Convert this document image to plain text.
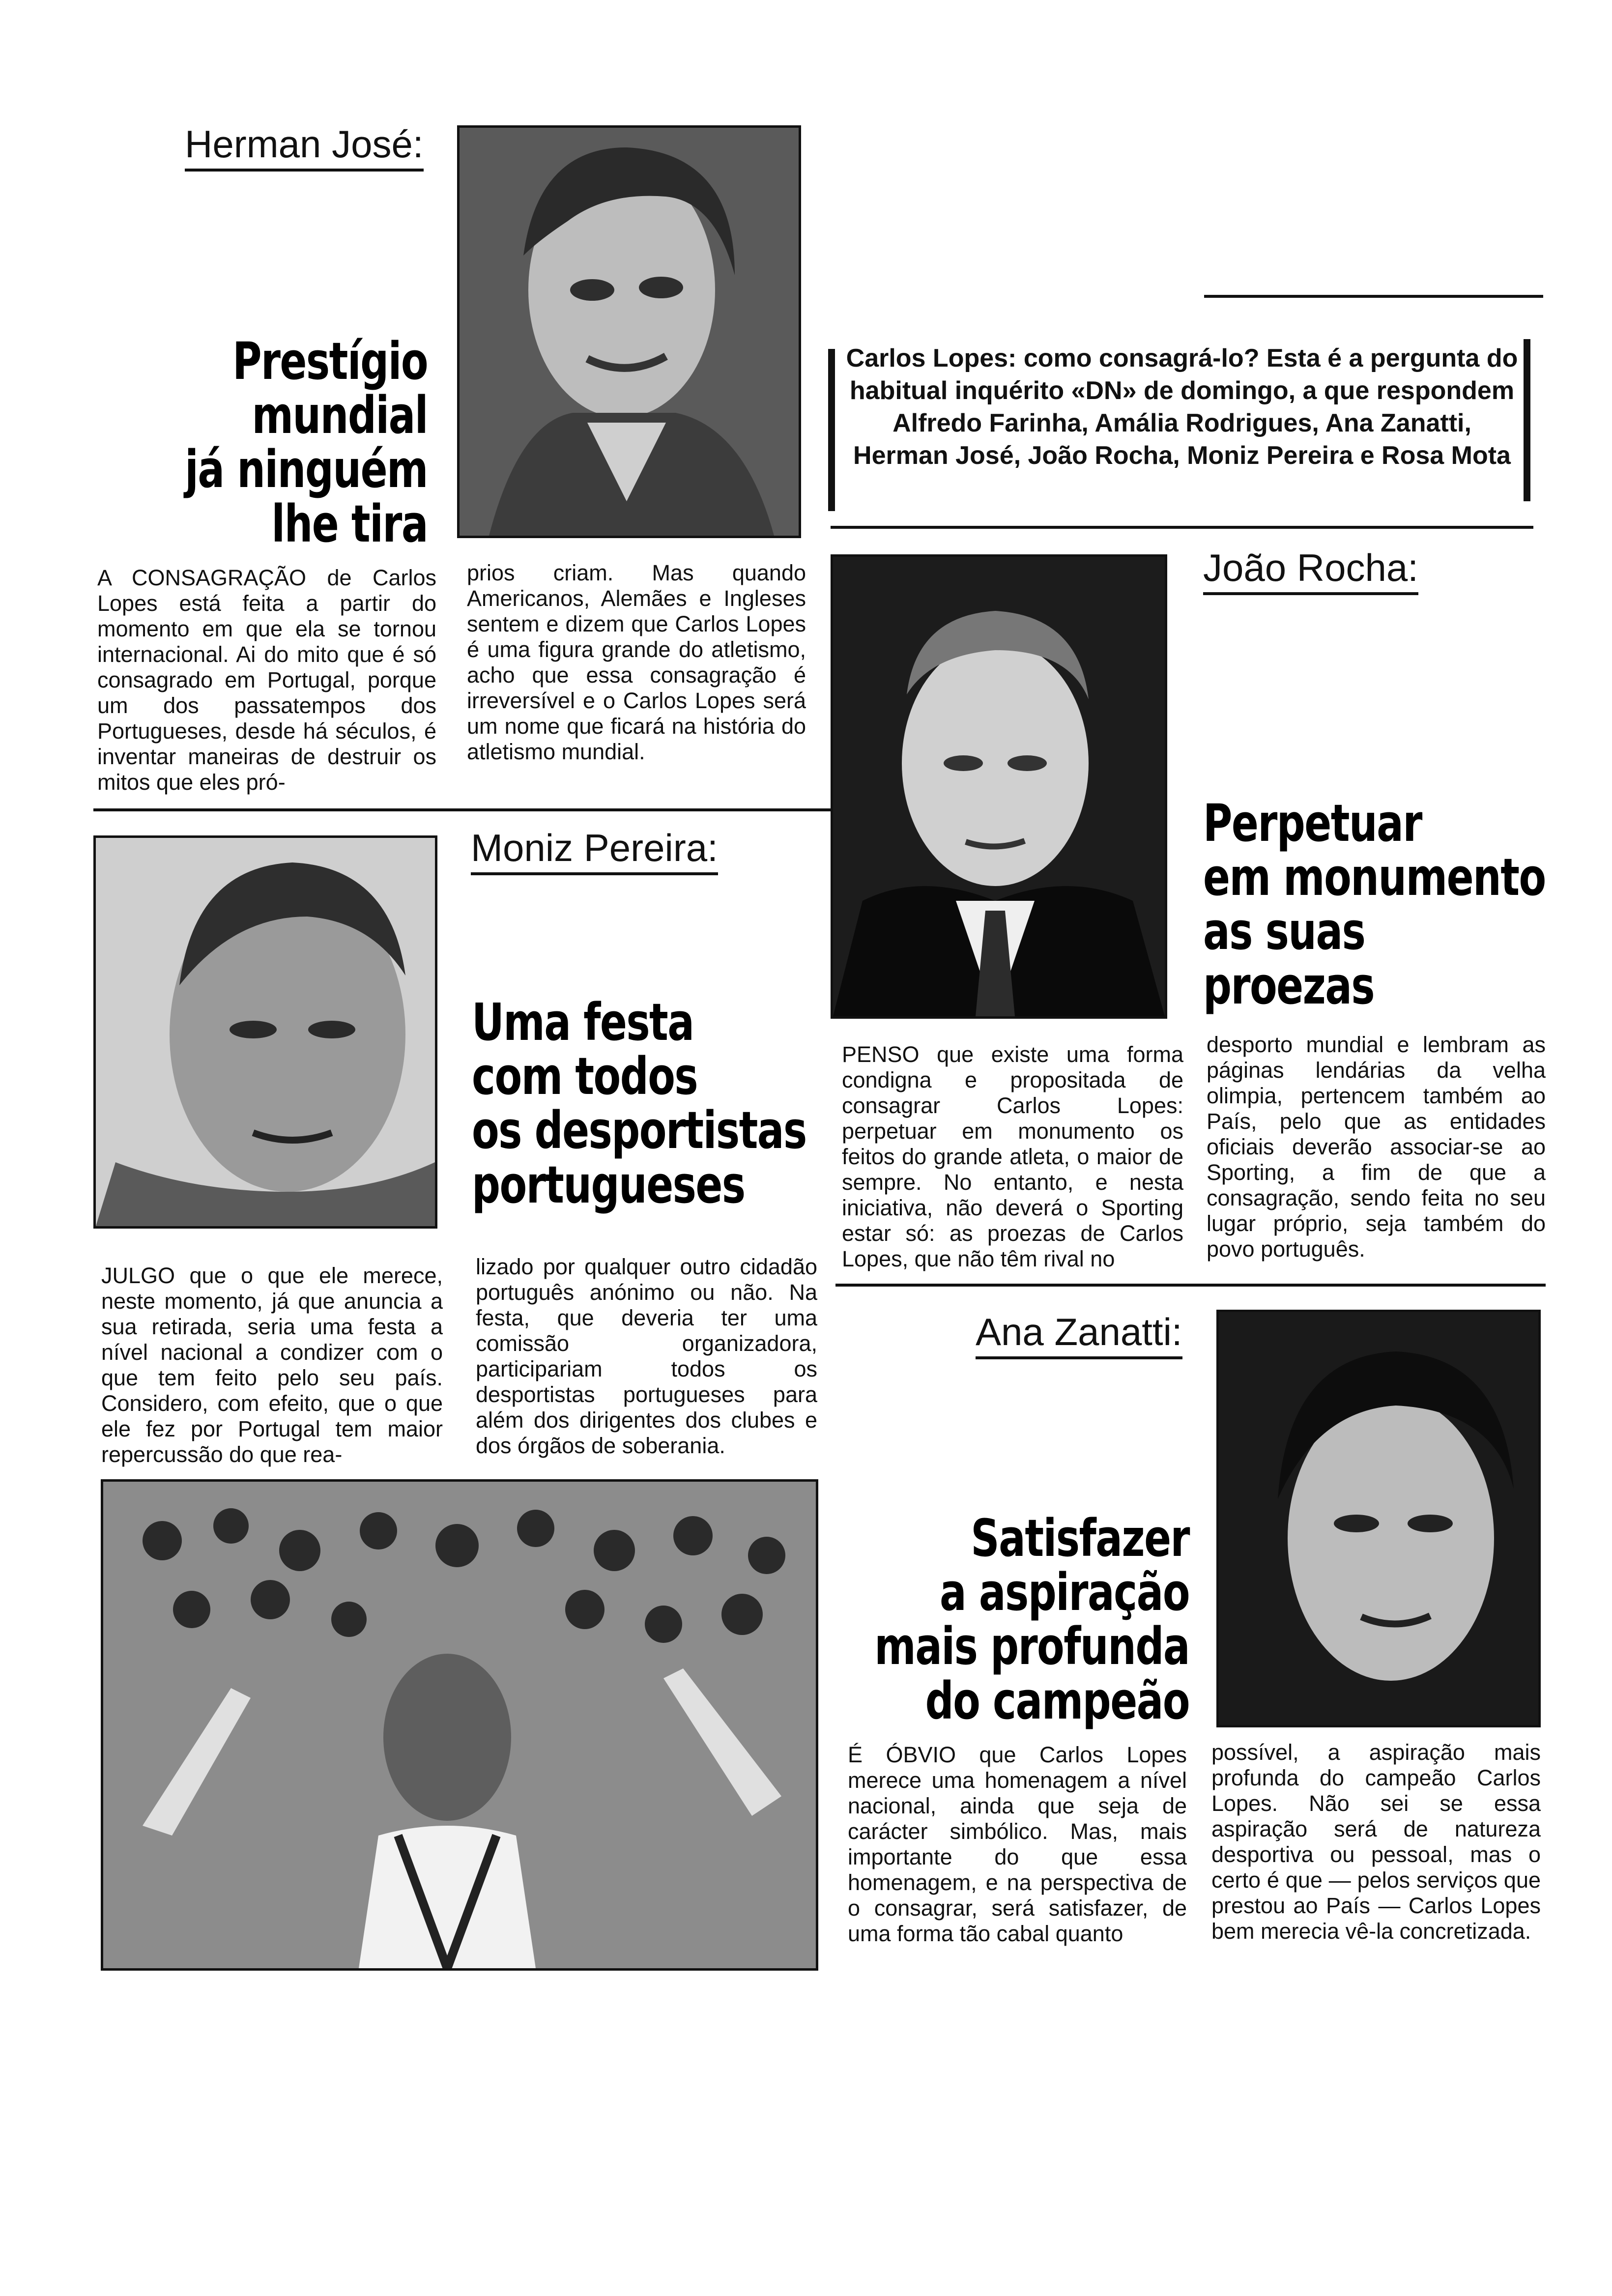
Herman José:
Prestígio
mundial
já ninguém
lhe tira
A CONSAGRAÇÃO de Carlos Lopes está feita a partir do momento em que ela se tornou internacional. Ai do mito que é só consagrado em Portugal, porque um dos passatempos dos Portugueses, desde há séculos, é inventar maneiras de destruir os mitos que eles pró-
prios criam. Mas quando Americanos, Alemães e Ingleses sentem e dizem que Carlos Lopes é uma figura grande do atletismo, acho que essa consagração é irreversível e o Carlos Lopes será um nome que ficará na história do atletismo mundial.
Carlos Lopes: como consagrá-lo? Esta é a pergunta do habitual inquérito «DN» de domingo, a que respondem Alfredo Farinha, Amália Rodrigues, Ana Zanatti, Herman José, João Rocha, Moniz Pereira e Rosa Mota
João Rocha:
Perpetuar
em monumento
as suas
proezas
PENSO que existe uma forma condigna e propositada de consagrar Carlos Lopes: perpetuar em monumento os feitos do grande atleta, o maior de sempre. No entanto, e nesta iniciativa, não deverá o Sporting estar só: as proezas de Carlos Lopes, que não têm rival no
desporto mundial e lembram as páginas lendárias da velha olimpia, pertencem também ao País, pelo que as entidades oficiais deverão associar-se ao Sporting, a fim de que a consagração, sendo feita no seu lugar próprio, seja também do povo português.
Moniz Pereira:
Uma festa
com todos
os desportistas
portugueses
JULGO que o que ele merece, neste momento, já que anuncia a sua retirada, seria uma festa a nível nacional a condizer com o que tem feito pelo seu país. Considero, com efeito, que o que ele fez por Portugal tem maior repercussão do que rea-
lizado por qualquer outro cidadão português anónimo ou não. Na festa, que deveria ter uma comissão organizadora, participariam todos os desportistas portugueses para além dos dirigentes dos clubes e dos órgãos de soberania.
Ana Zanatti:
Satisfazer
a aspiração
mais profunda
do campeão
É ÓBVIO que Carlos Lopes merece uma homenagem a nível nacional, ainda que seja de carácter simbólico. Mas, mais importante do que essa homenagem, e na perspectiva de o consagrar, será satisfazer, de uma forma tão cabal quanto
possível, a aspiração mais profunda do campeão Carlos Lopes. Não sei se essa aspiração será de natureza desportiva ou pessoal, mas o certo é que — pelos serviços que prestou ao País — Carlos Lopes bem merecia vê-la concretizada.
